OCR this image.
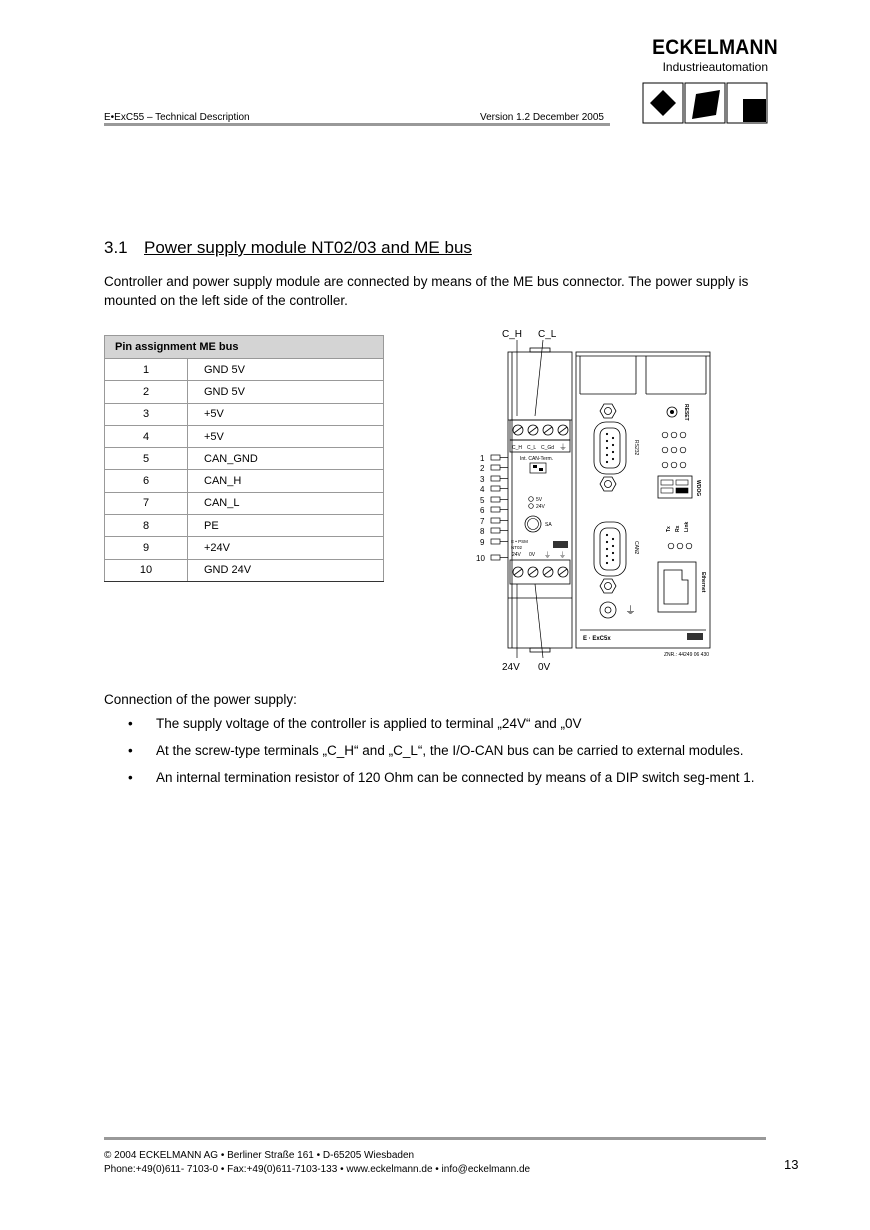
E•ExC55 – Technical Description	Version 1.2 December 2005
ECKELMANN
Industrieautomation
3.1 Power supply module NT02/03 and ME bus
Controller and power supply module are connected by means of the ME bus connector. The power supply is mounted on the left side of the controller.
Pin assignment ME bus	
1	GND 5V
2	GND 5V
3	+5V
4	+5V
5	CAN_GND
6	CAN_H
7	CAN_L
8	PE
9	+24V
10	GND 24V
C_H C_L
C_H C_L C_Gd ⏚
Int. CAN-Term.
5V
24V
SA
E • PSM
NT02
24V 0V ⏚ ⏚
1
2
3
4
5
6
7
8
9
10
24V 0V
RS232
CAN2
⏚
RESET
WDOG
Tx Rx Link
Ethernet
E · ExC5x
ZNR.: 44249 06 430
Connection of the power supply:
• The supply voltage of the controller is applied to terminal „24V“ and „0V
• At the screw-type terminals „C_H“ and „C_L“, the I/O-CAN bus can be carried to external modules.
• An internal termination resistor of 120 Ohm can be connected by means of a DIP switch seg-ment 1.
© 2004 ECKELMANN AG • Berliner Straße 161 • D-65205 Wiesbaden
Phone:+49(0)611- 7103-0 • Fax:+49(0)611-7103-133 • www.eckelmann.de • info@eckelmann.de	13
